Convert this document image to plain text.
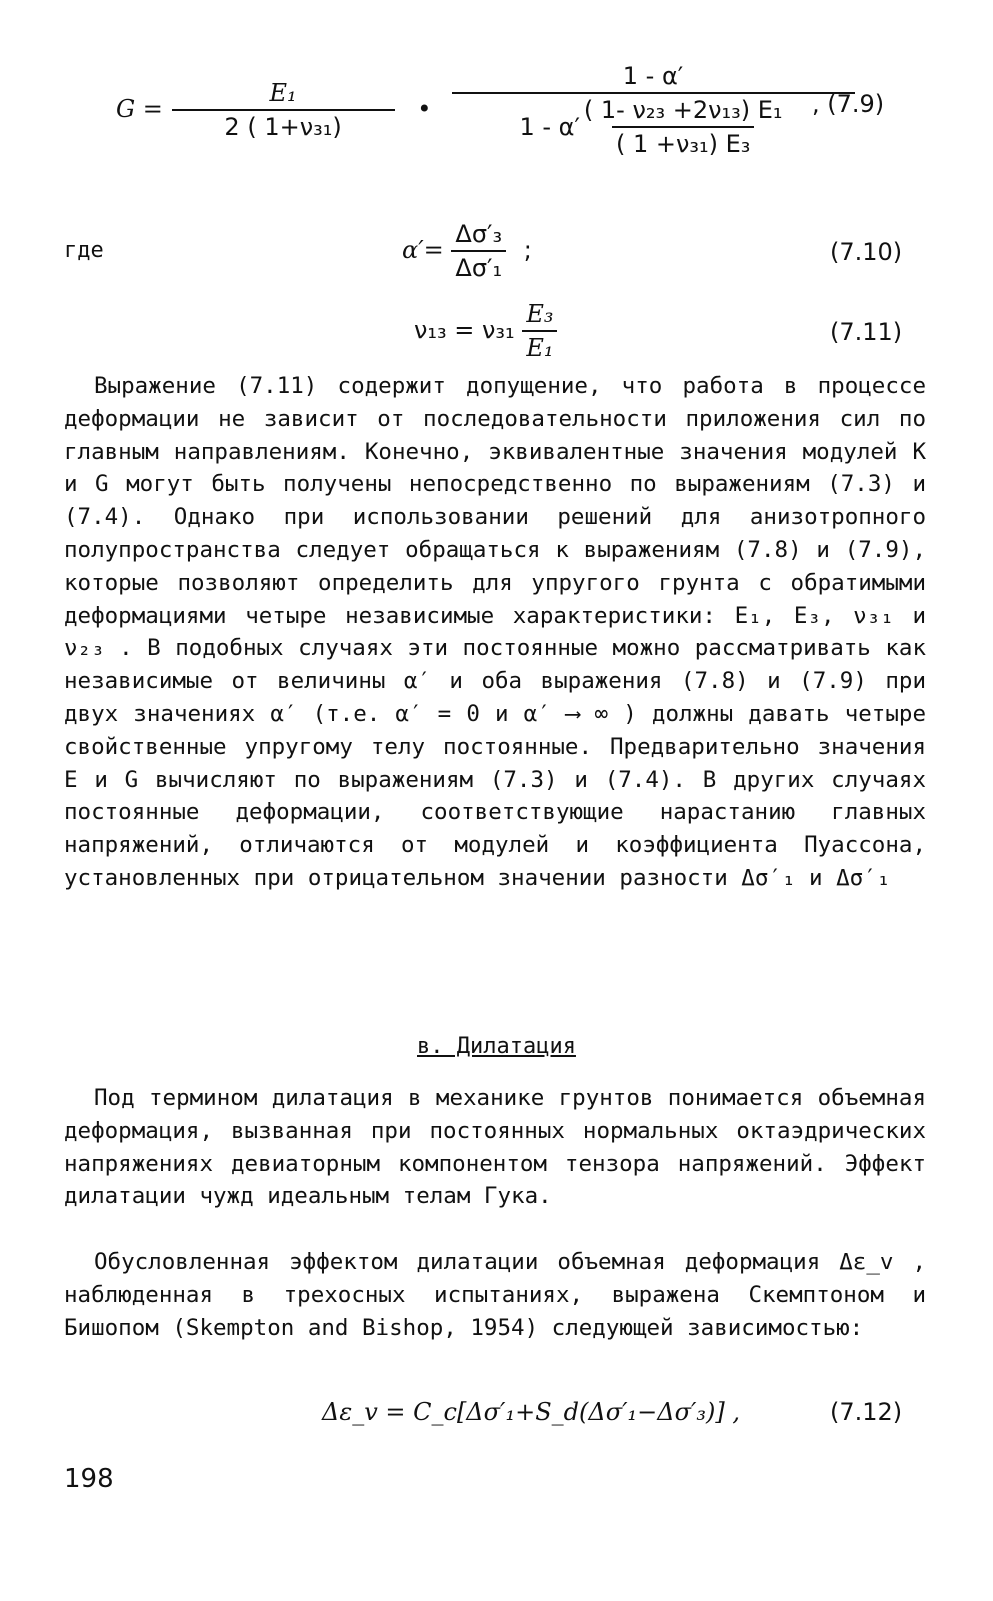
$G = \frac{\text{E₁}}{\text{2 ( 1+ν₃₁)}}$ •
1 - α′
$1 - \alpha' \frac{\text{( 1- ν₂₃ +2ν₁₃) E₁}}{\text{( 1 +ν₃₁) E₃}}$ , (7.9)
где	$\alpha'= \frac{\text{Δσ′₃}}{\text{Δσ′₁}}$ ;	(7.10)
$\nu_{13} = \nu_{31} \frac{\text{E₃}}{\text{E₁}}$	(7.11)

Выражение (7.11) содержит допущение, что работа в процессе деформации не зависит от последовательности приложения сил по главным направлениям. Конечно, эквивалентные значения модулей K и G могут быть получены непосредственно по выражениям (7.3) и (7.4). Однако при использовании решений для анизотропного полупространства следует обращаться к выражениям (7.8) и (7.9), которые позволяют определить для упругого грунта с обратимыми деформациями четыре независимые характеристики: E₁, E₃, ν₃₁ и ν₂₃ . В подобных случаях эти постоянные можно рассматривать как независимые от величины α′ и оба выражения (7.8) и (7.9) при двух значениях α′ (т.е. α′ = 0 и α′ ⟶ ∞ ) должны давать четыре свойственные упругому телу постоянные. Предварительно значения E и G вычисляют по выражениям (7.3) и (7.4). В других случаях постоянные деформации, соответствующие нарастанию главных напряжений, отличаются от модулей и коэффициента Пуассона, установленных при отрицательном значении разности Δσ′₁ и Δσ′₁

в. Дилатация

Под термином дилатация в механике грунтов понимается объемная деформация, вызванная при постоянных нормальных октаэдрических напряжениях девиаторным компонентом тензора напряжений. Эффект дилатации чужд идеальным телам Гука.

Обусловленная эффектом дилатации объемная деформация Δε_v , наблюденная в трехосных испытаниях, выражена Скемптоном и Бишопом (Skempton and Bishop, 1954) следующей зависимостью:

Δε_v = C_c[Δσ′₁+S_d(Δσ′₁−Δσ′₃)] ,	(7.12)
198
